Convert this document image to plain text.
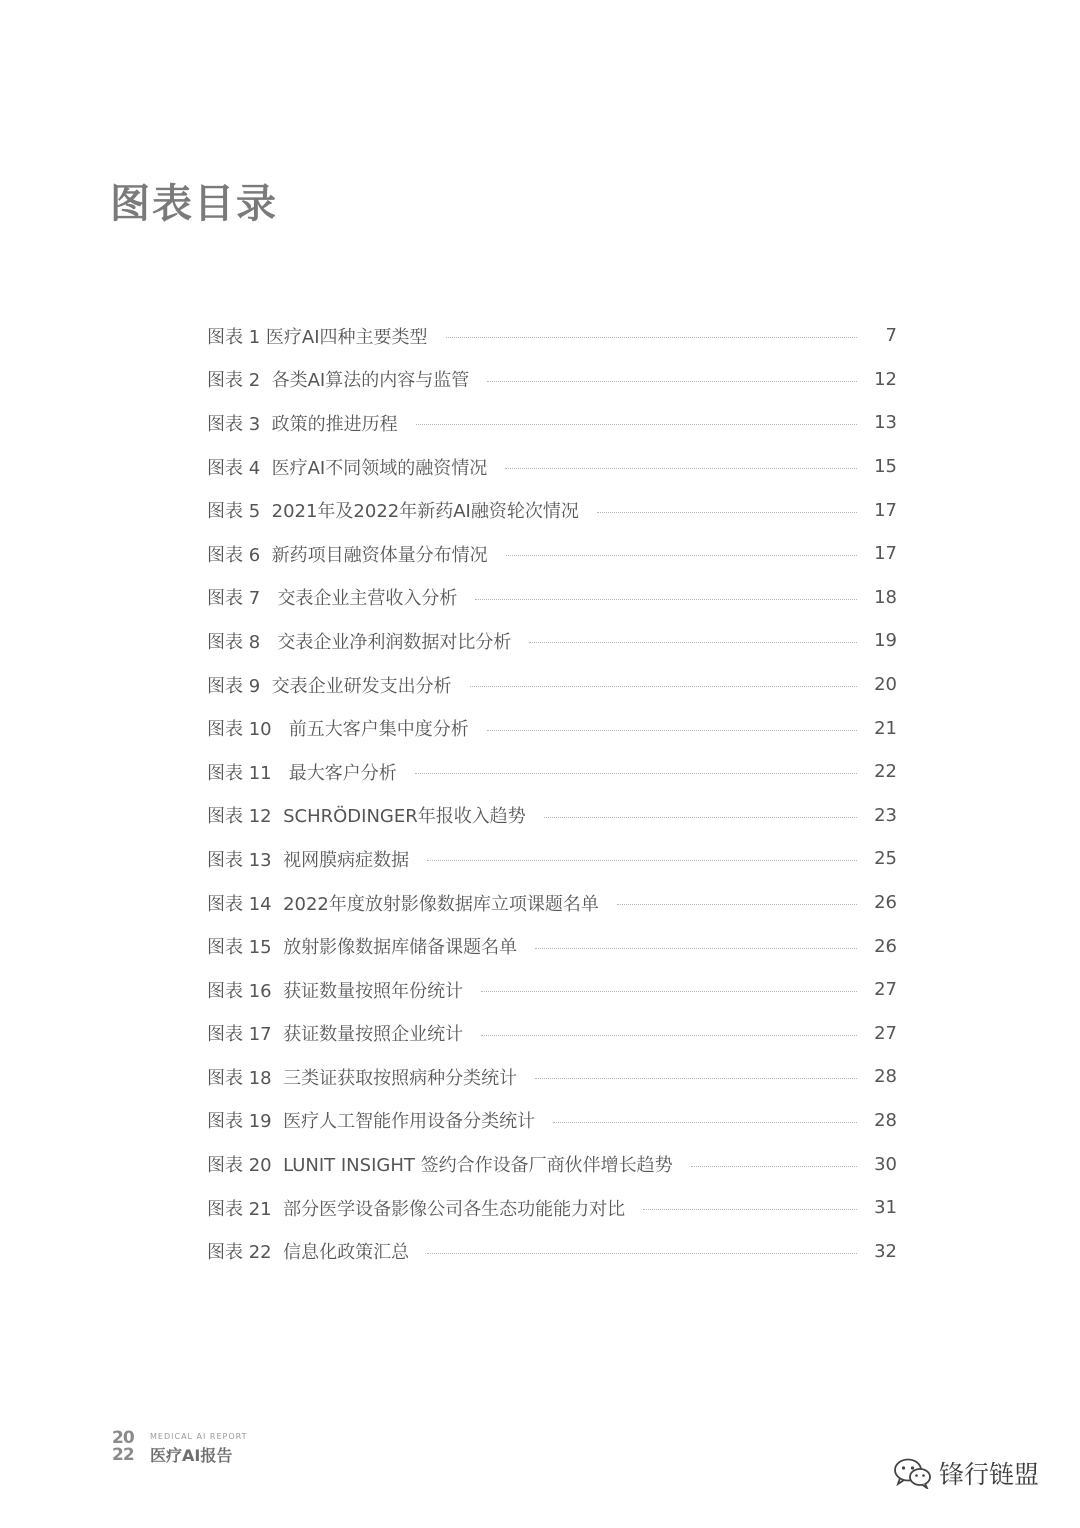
图表目录
图表 1 医疗AI四种主要类型	7
图表 2  各类AI算法的内容与监管	12
图表 3  政策的推进历程	13
图表 4  医疗AI不同领域的融资情况	15
图表 5  2021年及2022年新药AI融资轮次情况	17
图表 6  新药项目融资体量分布情况	17
图表 7   交表企业主营收入分析	18
图表 8   交表企业净利润数据对比分析	19
图表 9  交表企业研发支出分析	20
图表 10   前五大客户集中度分析	21
图表 11   最大客户分析	22
图表 12  SCHRÖDINGER年报收入趋势	23
图表 13  视网膜病症数据	25
图表 14  2022年度放射影像数据库立项课题名单	26
图表 15  放射影像数据库储备课题名单	26
图表 16  获证数量按照年份统计	27
图表 17  获证数量按照企业统计	27
图表 18  三类证获取按照病种分类统计	28
图表 19  医疗人工智能作用设备分类统计	28
图表 20  LUNIT INSIGHT 签约合作设备厂商伙伴增长趋势	30
图表 21  部分医学设备影像公司各生态功能能力对比	31
图表 22  信息化政策汇总	32
20
22
MEDICAL AI REPORT
医疗AI报告
锋行链盟
